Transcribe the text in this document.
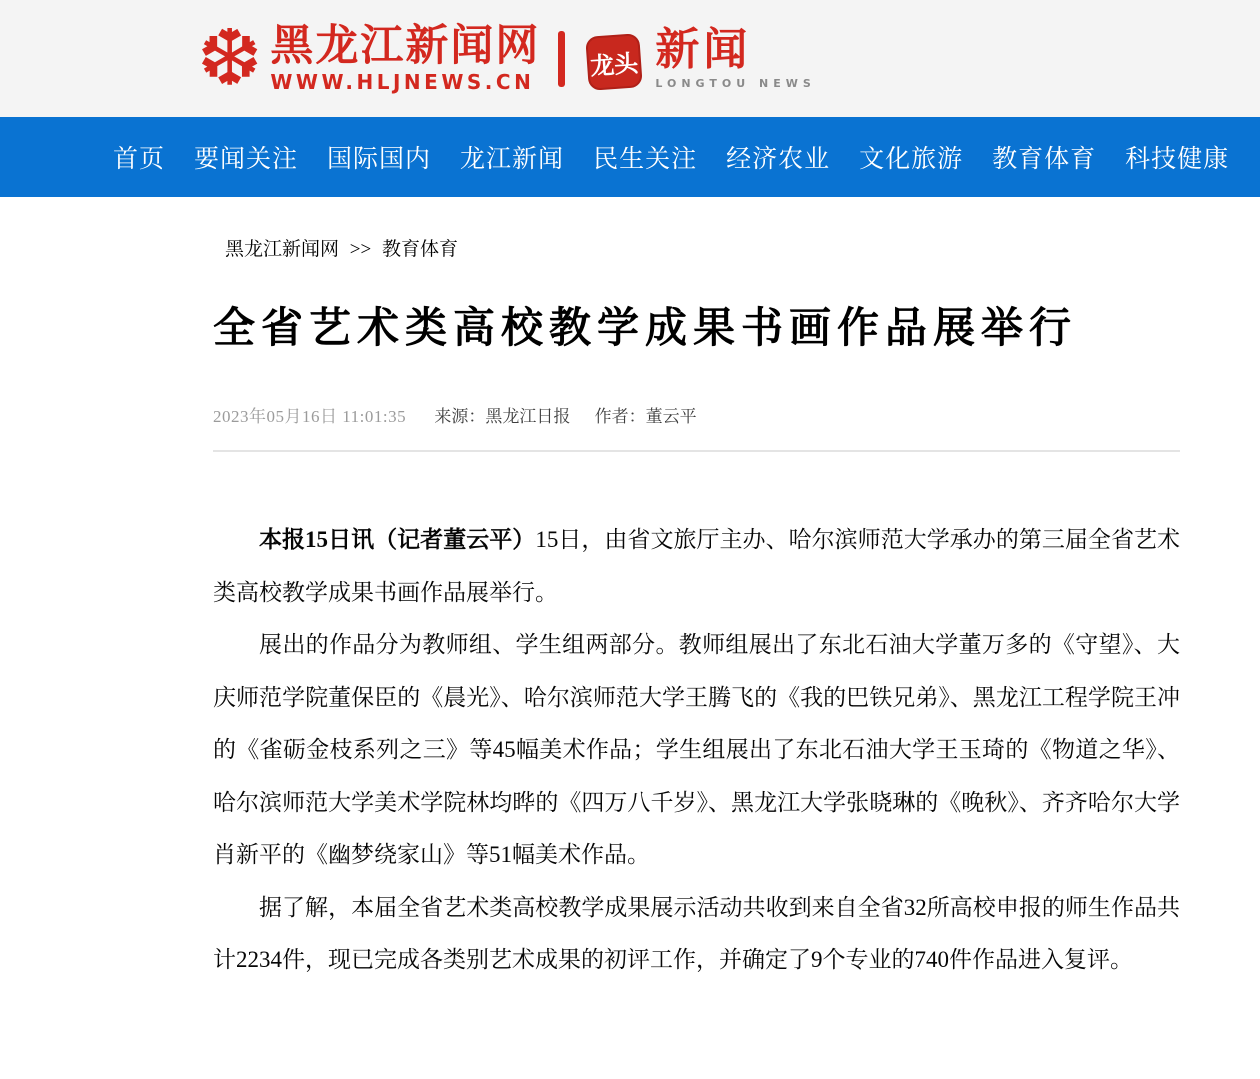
❆ 黑龙江新闻网
WWW.HLJNEWS.CN
龙头 新闻
LONGTOU NEWS
首页 要闻关注 国际国内 龙江新闻 民生关注 经济农业 文化旅游 教育体育 科技健康
黑龙江新闻网 >> 教育体育
全省艺术类高校教学成果书画作品展举行
2023年05月16日 11:01:35 来源：黑龙江日报 作者：董云平

本报15日讯（记者董云平）15日，由省文旅厅主办、哈尔滨师范大学承办的第三届全省艺术类高校教学成果书画作品展举行。

展出的作品分为教师组、学生组两部分。教师组展出了东北石油大学董万多的《守望》、大庆师范学院董保臣的《晨光》、哈尔滨师范大学王腾飞的《我的巴铁兄弟》、黑龙江工程学院王冲的《雀砺金枝系列之三》等45幅美术作品；学生组展出了东北石油大学王玉琦的《物道之华》、哈尔滨师范大学美术学院林均晔的《四万八千岁》、黑龙江大学张晓琳的《晚秋》、齐齐哈尔大学肖新平的《幽梦绕家山》等51幅美术作品。

据了解，本届全省艺术类高校教学成果展示活动共收到来自全省32所高校申报的师生作品共计2234件，现已完成各类别艺术成果的初评工作，并确定了9个专业的740件作品进入复评。
